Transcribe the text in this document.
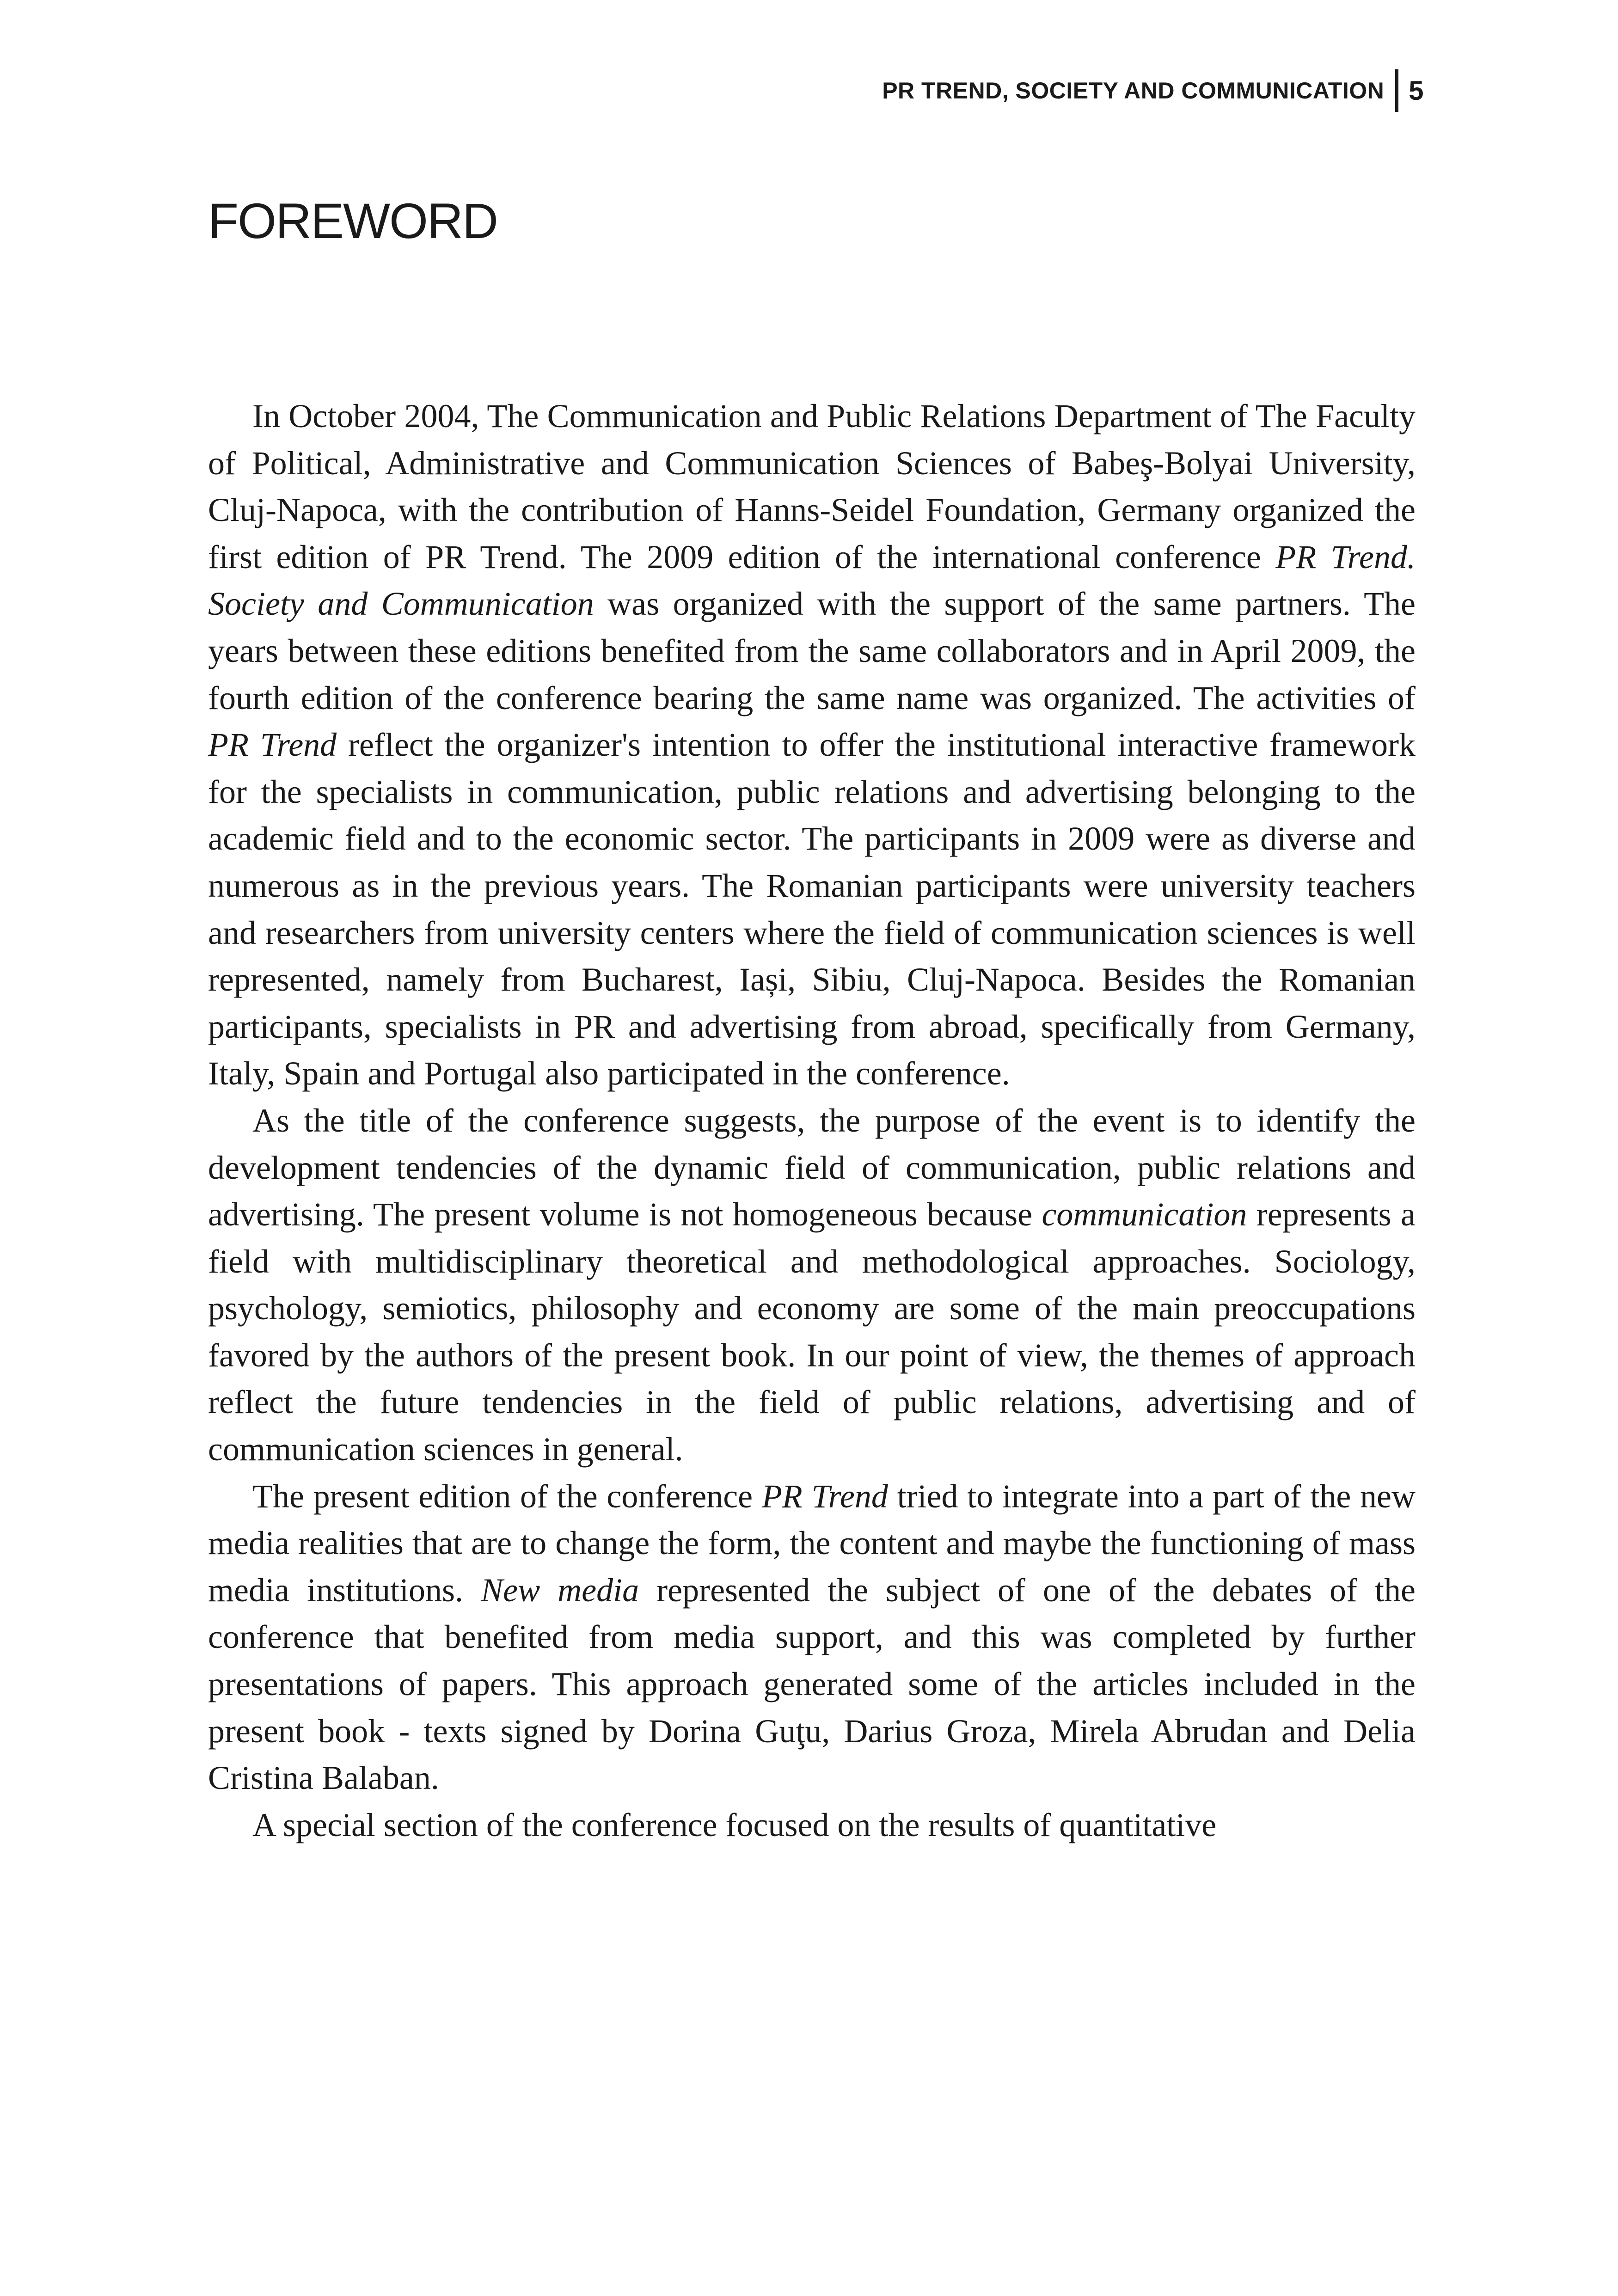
PR TREND, SOCIETY AND COMMUNICATION 5
FOREWORD

In October 2004, The Communication and Public Relations Department of The Faculty of Political, Administrative and Communication Sciences of Babeş-Bolyai University, Cluj-Napoca, with the contribution of Hanns-Seidel Foundation, Germany organized the first edition of PR Trend. The 2009 edition of the international conference PR Trend. Society and Communication was organized with the support of the same partners. The years between these editions benefited from the same collaborators and in April 2009, the fourth edition of the conference bearing the same name was organized. The activities of PR Trend reflect the organizer's intention to offer the institutional interactive framework for the specialists in communication, public relations and advertising belonging to the academic field and to the economic sector. The participants in 2009 were as diverse and numerous as in the previous years. The Romanian participants were university teachers and researchers from university centers where the field of communication sciences is well represented, namely from Bucharest, Iași, Sibiu, Cluj-Napoca. Besides the Romanian participants, specialists in PR and advertising from abroad, specifically from Germany, Italy, Spain and Portugal also participated in the conference.

As the title of the conference suggests, the purpose of the event is to identify the development tendencies of the dynamic field of communication, public relations and advertising. The present volume is not homogeneous because communication represents a field with multidisciplinary theoretical and methodological approaches. Sociology, psychology, semiotics, philosophy and economy are some of the main preoccupations favored by the authors of the present book. In our point of view, the themes of approach reflect the future tendencies in the field of public relations, advertising and of communication sciences in general.

The present edition of the conference PR Trend tried to integrate into a part of the new media realities that are to change the form, the content and maybe the functioning of mass media institutions. New media represented the subject of one of the debates of the conference that benefited from media support, and this was completed by further presentations of papers. This approach generated some of the articles included in the present book - texts signed by Dorina Guţu, Darius Groza, Mirela Abrudan and Delia Cristina Balaban.

A special section of the conference focused on the results of quantitative
